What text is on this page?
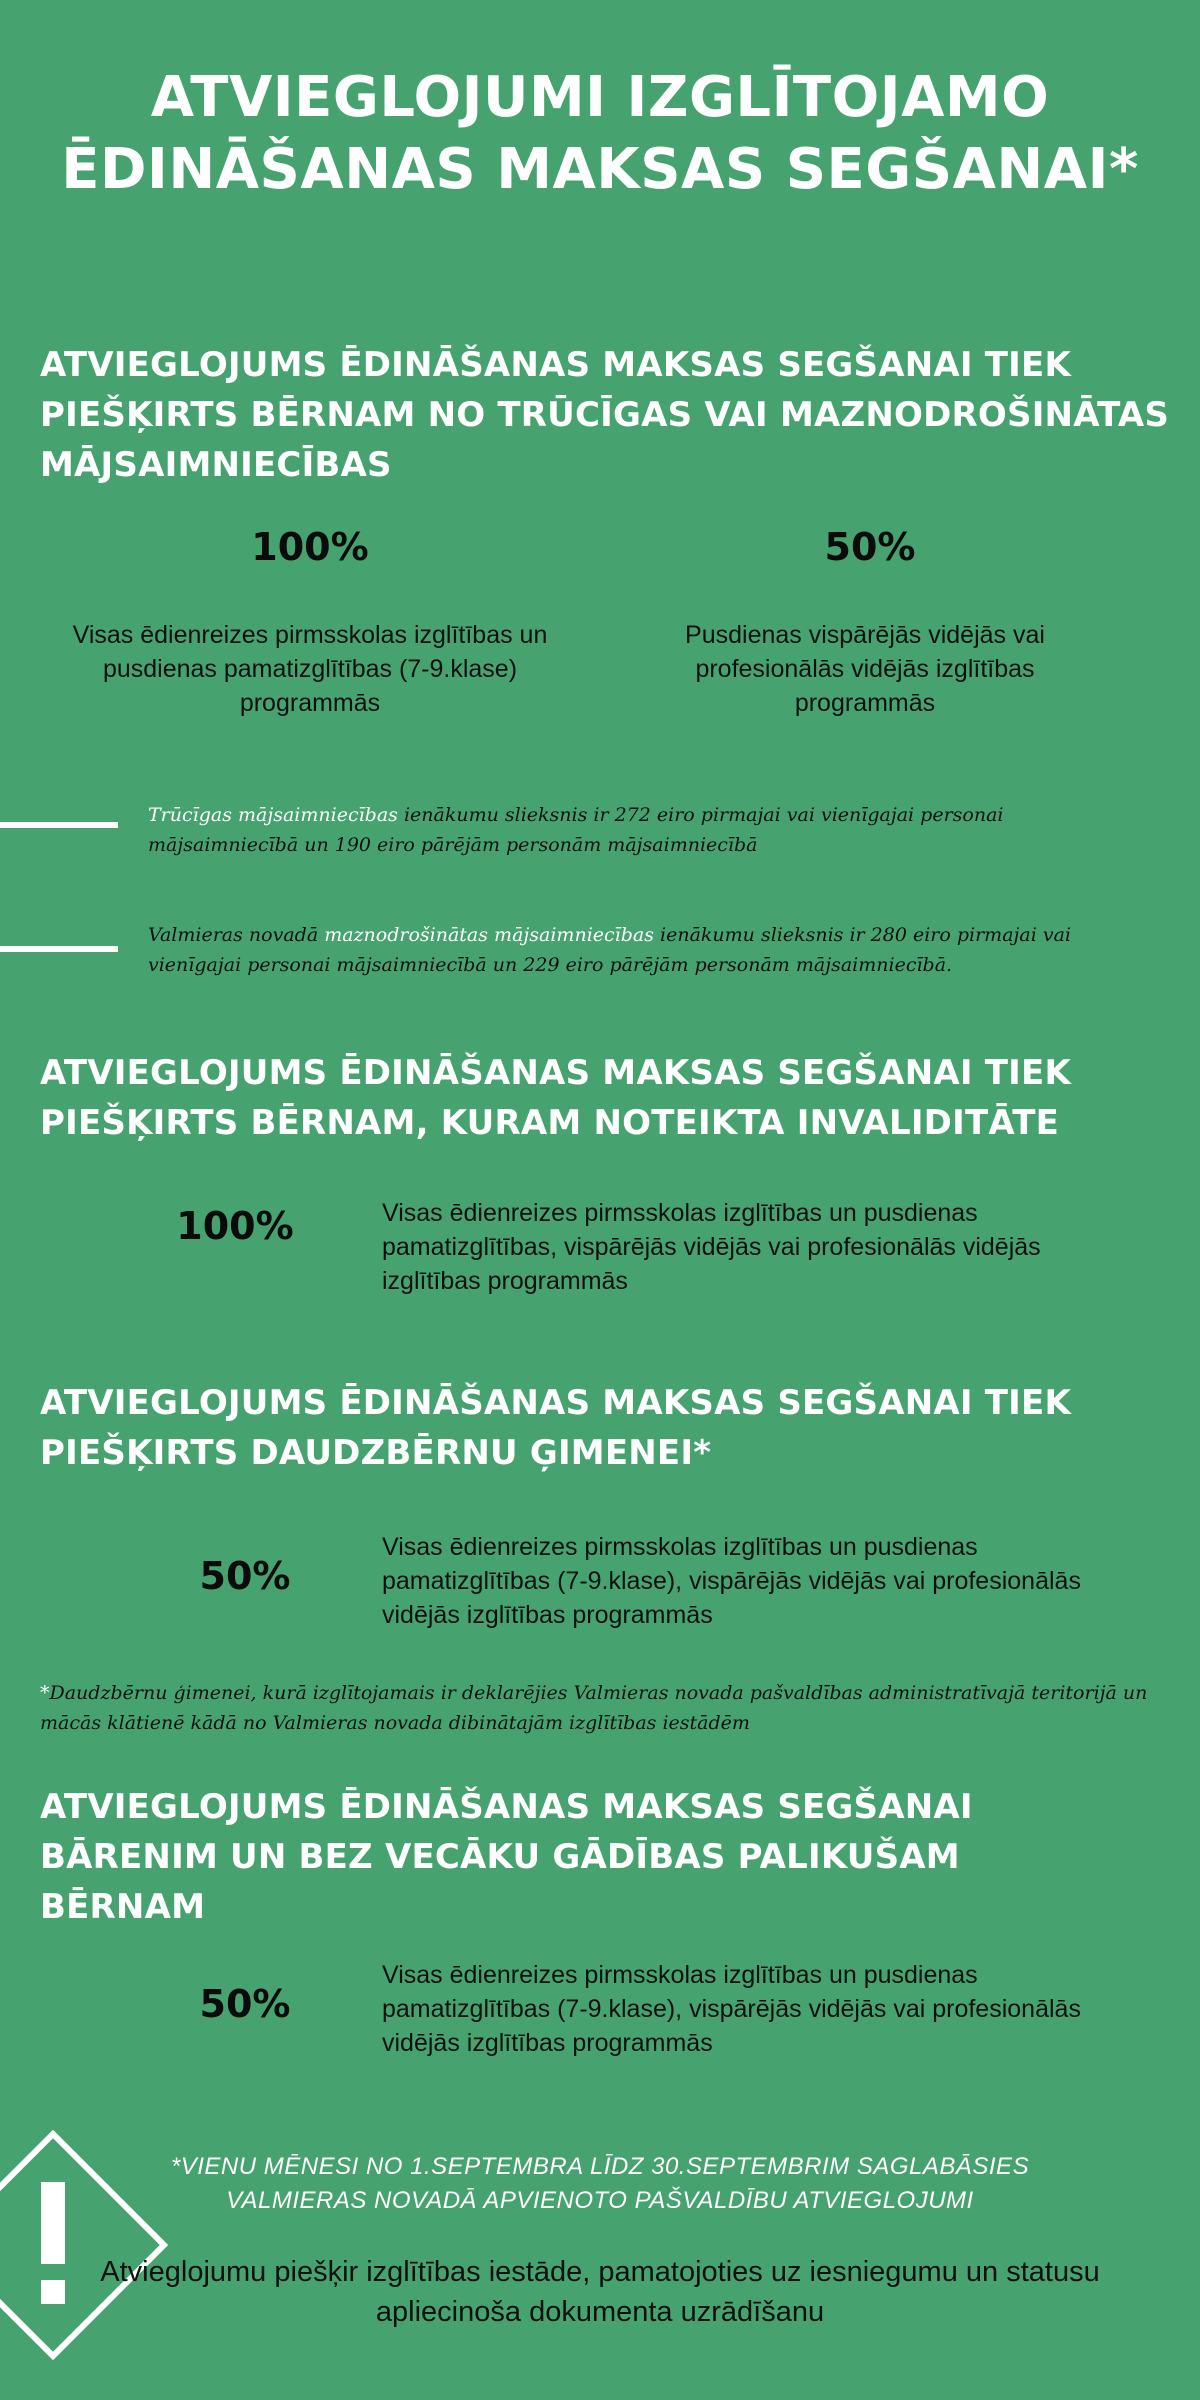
ATVIEGLOJUMI IZGLĪTOJAMO ĒDINĀŠANAS MAKSAS SEGŠANAI*
ATVIEGLOJUMS ĒDINĀŠANAS MAKSAS SEGŠANAI TIEK PIEŠĶIRTS BĒRNAM NO TRŪCĪGAS VAI MAZNODROŠINĀTAS MĀJSAIMNIECĪBAS
100%
Visas ēdienreizes pirmsskolas izglītības un pusdienas pamatizglītības (7-9.klase) programmās
50%
Pusdienas vispārējās vidējās vai profesionālās vidējās izglītības programmās
Trūcīgas mājsaimniecības ienākumu slieksnis ir 272 eiro pirmajai vai vienīgajai personai mājsaimniecībā un 190 eiro pārējām personām mājsaimniecībā
Valmieras novadā maznodrošinātas mājsaimniecības ienākumu slieksnis ir 280 eiro pirmajai vai vienīgajai personai mājsaimniecībā un 229 eiro pārējām personām mājsaimniecībā.
ATVIEGLOJUMS ĒDINĀŠANAS MAKSAS SEGŠANAI TIEK PIEŠĶIRTS BĒRNAM, KURAM NOTEIKTA INVALIDITĀTE
100%	Visas ēdienreizes pirmsskolas izglītības un pusdienas pamatizglītības, vispārējās vidējās vai profesionālās vidējās izglītības programmās
ATVIEGLOJUMS ĒDINĀŠANAS MAKSAS SEGŠANAI TIEK PIEŠĶIRTS DAUDZBĒRNU ĢIMENEI*
50%
Visas ēdienreizes pirmsskolas izglītības un pusdienas pamatizglītības (7-9.klase), vispārējās vidējās vai profesionālās vidējās izglītības programmās
*Daudzbērnu ģimenei, kurā izglītojamais ir deklarējies Valmieras novada pašvaldības administratīvajā teritorijā un mācās klātienē kādā no Valmieras novada dibinātajām izglītības iestādēm
ATVIEGLOJUMS ĒDINĀŠANAS MAKSAS SEGŠANAI BĀRENIM UN BEZ VECĀKU GĀDĪBAS PALIKUŠAM BĒRNAM
50%
Visas ēdienreizes pirmsskolas izglītības un pusdienas pamatizglītības (7-9.klase), vispārējās vidējās vai profesionālās vidējās izglītības programmās
*VIENU MĒNESI NO 1.SEPTEMBRA LĪDZ 30.SEPTEMBRIM SAGLABĀSIES VALMIERAS NOVADĀ APVIENOTO PAŠVALDĪBU ATVIEGLOJUMI
Atvieglojumu piešķir izglītības iestāde, pamatojoties uz iesniegumu un statusu apliecinoša dokumenta uzrādīšanu
